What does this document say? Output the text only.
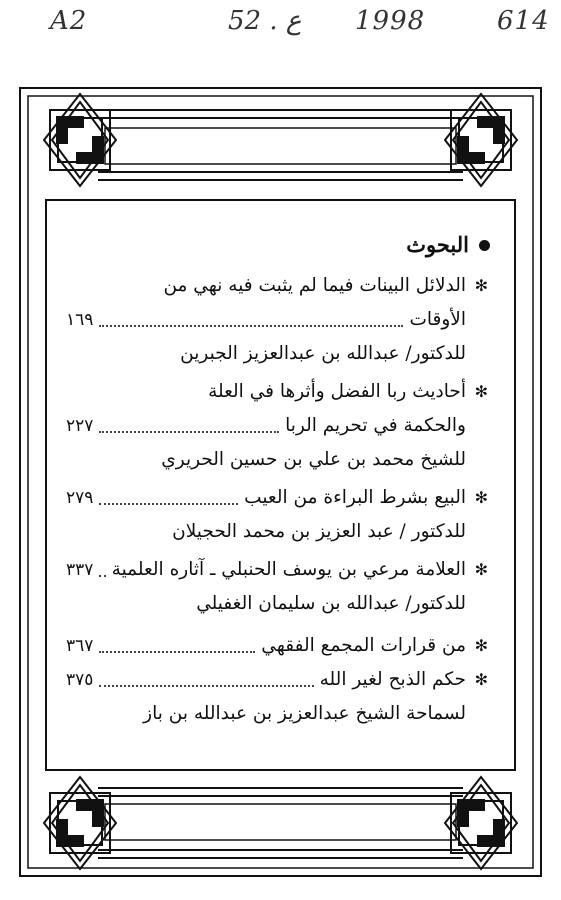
A2	52 . ع 1998	614
البحوث
✻
الدلائل البينات فيما لم يثبت فيه نهي من
الأوقات
١٦٩
للدكتور/ عبدالله بن عبدالعزيز الجبرين
✻
أحاديث ربا الفضل وأثرها في العلة
والحكمة في تحريم الربا
٢٢٧
للشيخ محمد بن علي بن حسين الحريري
✻
البيع بشرط البراءة من العيب
٢٧٩
للدكتور / عبد العزيز بن محمد الحجيلان
✻
العلامة مرعي بن يوسف الحنبلي ـ آثاره العلمية
٣٣٧
للدكتور/ عبدالله بن سليمان الغفيلي
✻
من قرارات المجمع الفقهي
٣٦٧
✻
حكم الذبح لغير الله
٣٧٥
لسماحة الشيخ عبدالعزيز بن عبدالله بن باز
